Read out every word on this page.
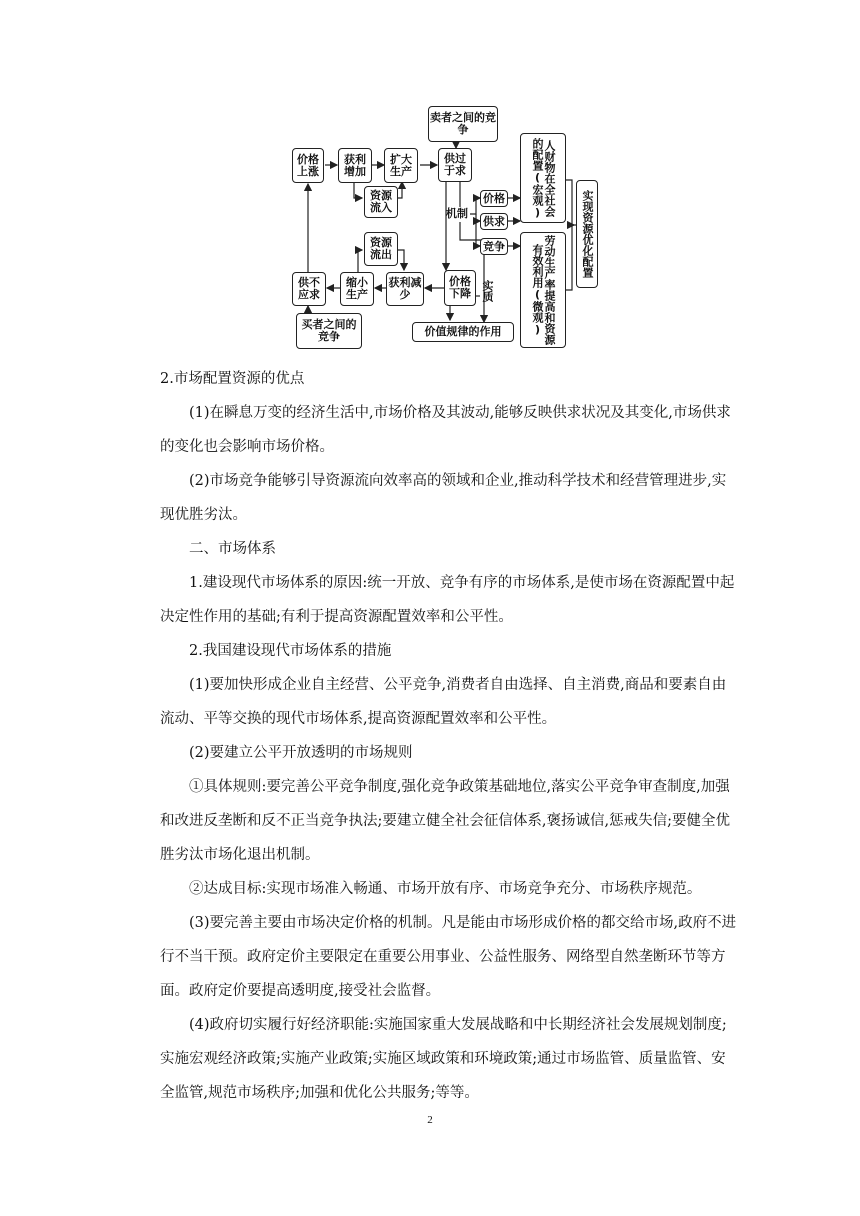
卖者之间的竞争
价格上涨
获利增加
扩大生产
资源流入
供过于求
机制
价格
供求
竞争
人财物在全社会的配置(宏观)
劳动生产率提高和资源有效利用(微观)
实现资源优化配置
资源流出
缩小生产
获利减少
价格下降
供不应求	实质
买者之间的竞争	价值规律的作用

2.市场配置资源的优点

(1)在瞬息万变的经济生活中,市场价格及其波动,能够反映供求状况及其变化,市场供求的变化也会影响市场价格。

(2)市场竞争能够引导资源流向效率高的领域和企业,推动科学技术和经营管理进步,实现优胜劣汰。

二、市场体系

1.建设现代市场体系的原因:统一开放、竞争有序的市场体系,是使市场在资源配置中起决定性作用的基础;有利于提高资源配置效率和公平性。

2.我国建设现代市场体系的措施

(1)要加快形成企业自主经营、公平竞争,消费者自由选择、自主消费,商品和要素自由流动、平等交换的现代市场体系,提高资源配置效率和公平性。

(2)要建立公平开放透明的市场规则

①具体规则:要完善公平竞争制度,强化竞争政策基础地位,落实公平竞争审查制度,加强和改进反垄断和反不正当竞争执法;要建立健全社会征信体系,褒扬诚信,惩戒失信;要健全优胜劣汰市场化退出机制。

②达成目标:实现市场准入畅通、市场开放有序、市场竞争充分、市场秩序规范。

(3)要完善主要由市场决定价格的机制。凡是能由市场形成价格的都交给市场,政府不进行不当干预。政府定价主要限定在重要公用事业、公益性服务、网络型自然垄断环节等方面。政府定价要提高透明度,接受社会监督。

(4)政府切实履行好经济职能:实施国家重大发展战略和中长期经济社会发展规划制度;实施宏观经济政策;实施产业政策;实施区域政策和环境政策;通过市场监管、质量监管、安全监管,规范市场秩序;加强和优化公共服务;等等。

2
